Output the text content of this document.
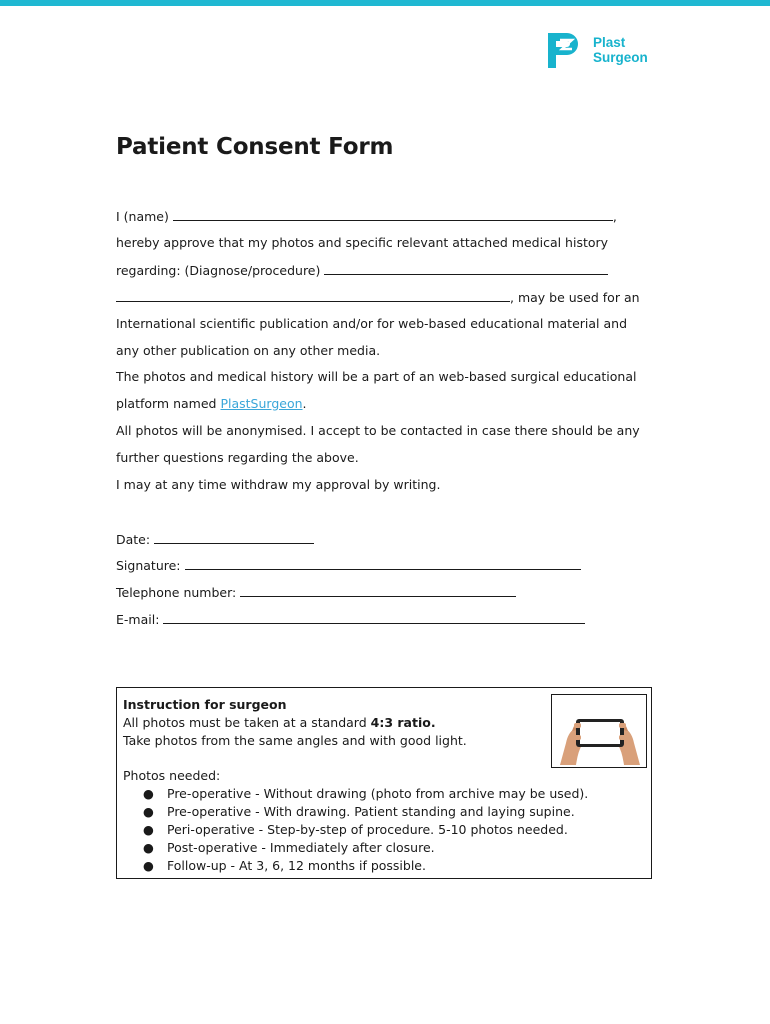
Plast
Surgeon
Patient Consent Form
I (name)	,
hereby approve that my photos and specific relevant attached medical history
regarding: (Diagnose/procedure)
, may be used for an
International scientific publication and/or for web-based educational material and
any other publication on any other media.
The photos and medical history will be a part of an web-based surgical educational
platform named PlastSurgeon.
All photos will be anonymised. I accept to be contacted in case there should be any
further questions regarding the above.
I may at any time withdraw my approval by writing.
Date:
Signature:
Telephone number:
E-mail:
Instruction for surgeon
All photos must be taken at a standard 4:3 ratio.
Take photos from the same angles and with good light.
Photos needed:
● Pre-operative - Without drawing (photo from archive may be used).
● Pre-operative - With drawing. Patient standing and laying supine.
● Peri-operative - Step-by-step of procedure. 5-10 photos needed.
● Post-operative - Immediately after closure.
● Follow-up - At 3, 6, 12 months if possible.
